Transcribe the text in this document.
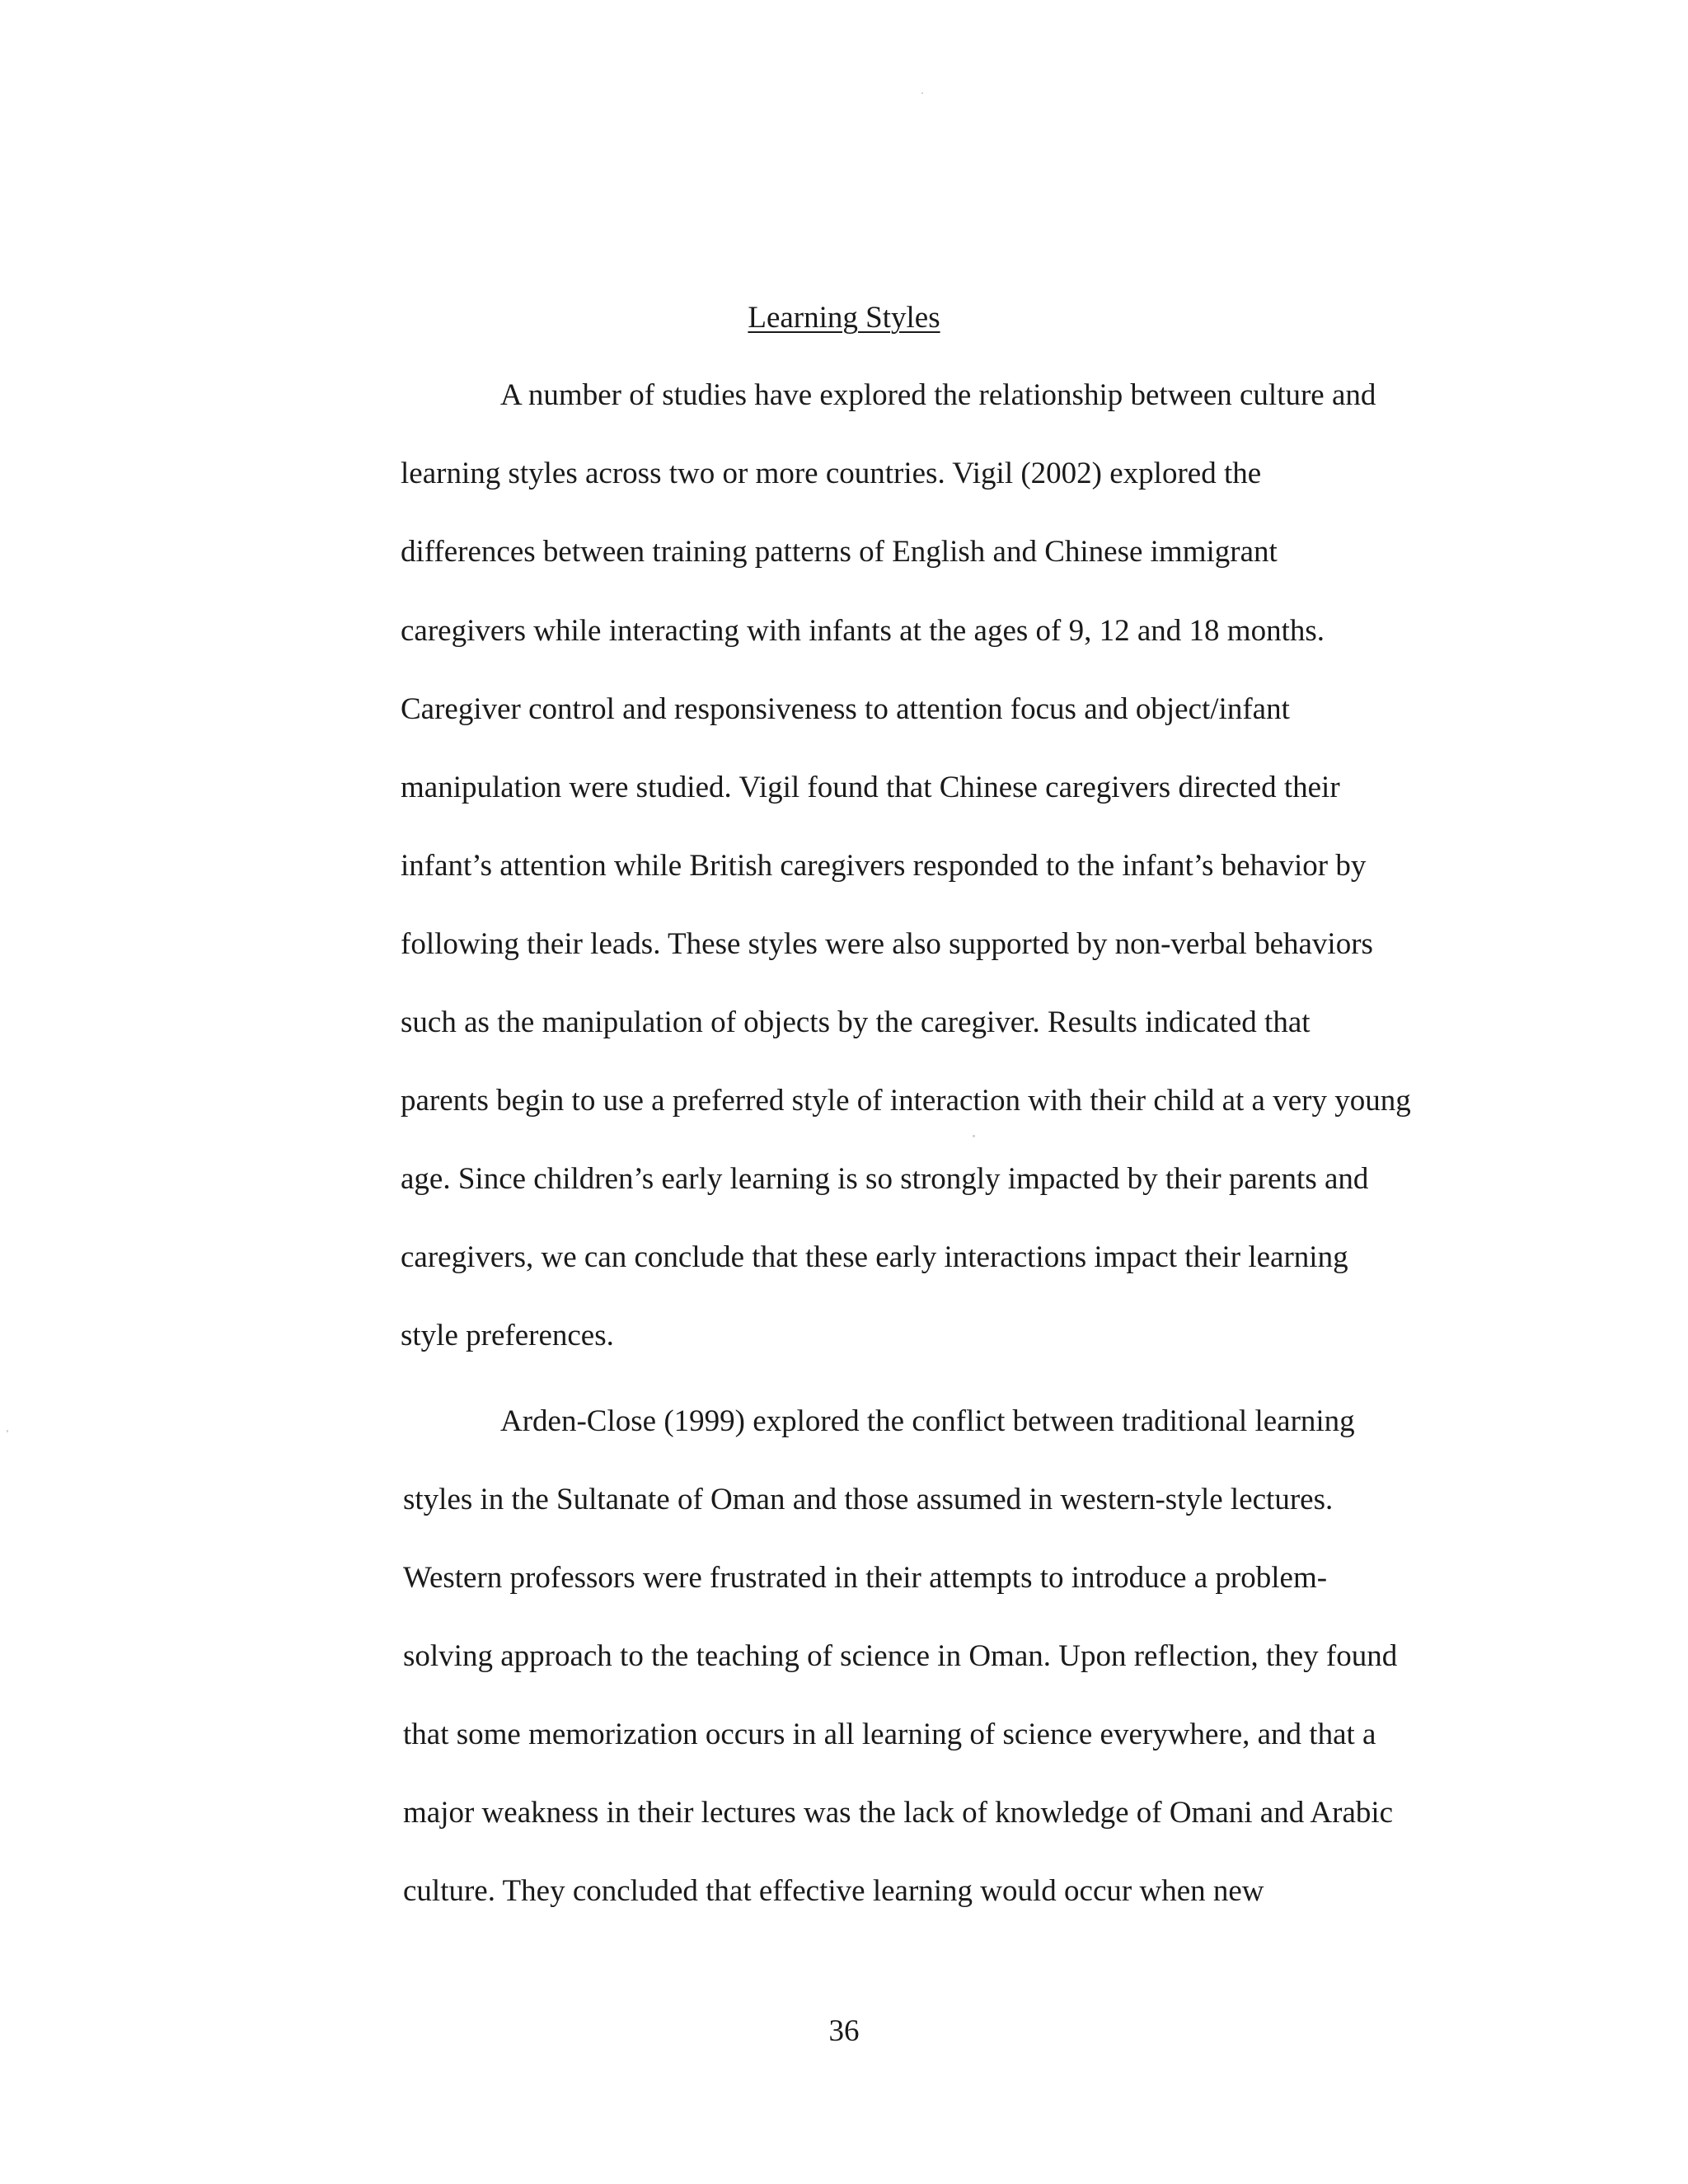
Learning Styles
A number of studies have explored the relationship between culture and
learning styles across two or more countries. Vigil (2002) explored the
differences between training patterns of English and Chinese immigrant
caregivers while interacting with infants at the ages of 9, 12 and 18 months.
Caregiver control and responsiveness to attention focus and object/infant
manipulation were studied. Vigil found that Chinese caregivers directed their
infant’s attention while British caregivers responded to the infant’s behavior by
following their leads. These styles were also supported by non-verbal behaviors
such as the manipulation of objects by the caregiver. Results indicated that
parents begin to use a preferred style of interaction with their child at a very young
age. Since children’s early learning is so strongly impacted by their parents and
caregivers, we can conclude that these early interactions impact their learning
style preferences.
Arden-Close (1999) explored the conflict between traditional learning
styles in the Sultanate of Oman and those assumed in western-style lectures.
Western professors were frustrated in their attempts to introduce a problem-
solving approach to the teaching of science in Oman. Upon reflection, they found
that some memorization occurs in all learning of science everywhere, and that a
major weakness in their lectures was the lack of knowledge of Omani and Arabic
culture. They concluded that effective learning would occur when new
36
